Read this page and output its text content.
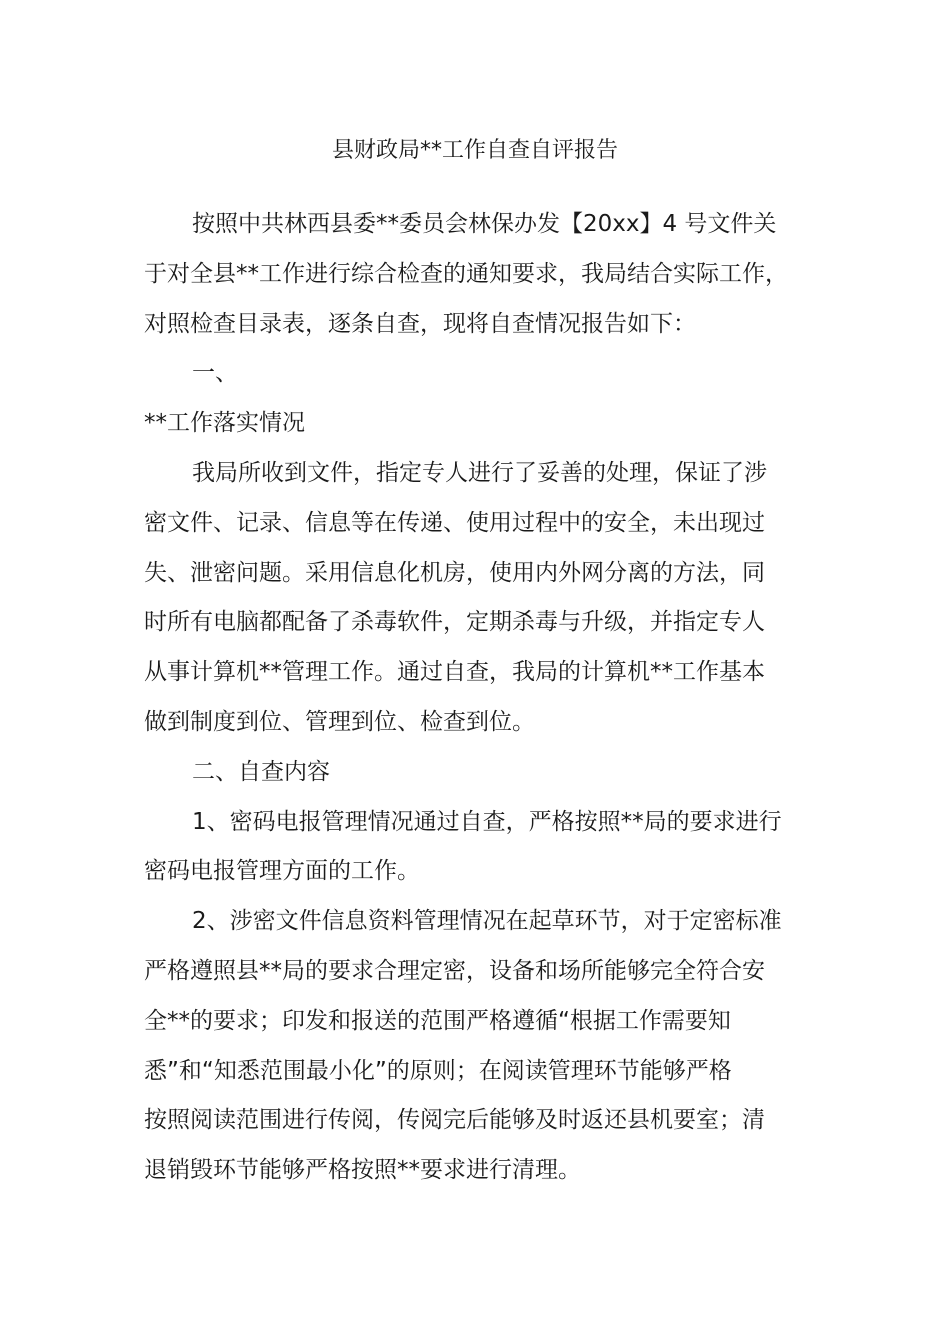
县财政局**工作自查自评报告
按照中共林西县委**委员会林保办发【20xx】4 号文件关
于对全县**工作进行综合检查的通知要求，我局结合实际工作，
对照检查目录表，逐条自查，现将自查情况报告如下：
一、
**工作落实情况
我局所收到文件，指定专人进行了妥善的处理，保证了涉
密文件、记录、信息等在传递、使用过程中的安全，未出现过
失、泄密问题。采用信息化机房，使用内外网分离的方法，同
时所有电脑都配备了杀毒软件，定期杀毒与升级，并指定专人
从事计算机**管理工作。通过自查，我局的计算机**工作基本
做到制度到位、管理到位、检查到位。
二、自查内容
1、密码电报管理情况通过自查，严格按照**局的要求进行
密码电报管理方面的工作。
2、涉密文件信息资料管理情况在起草环节，对于定密标准
严格遵照县**局的要求合理定密，设备和场所能够完全符合安
全**的要求；印发和报送的范围严格遵循“根据工作需要知
悉”和“知悉范围最小化”的原则；在阅读管理环节能够严格
按照阅读范围进行传阅，传阅完后能够及时返还县机要室；清
退销毁环节能够严格按照**要求进行清理。
